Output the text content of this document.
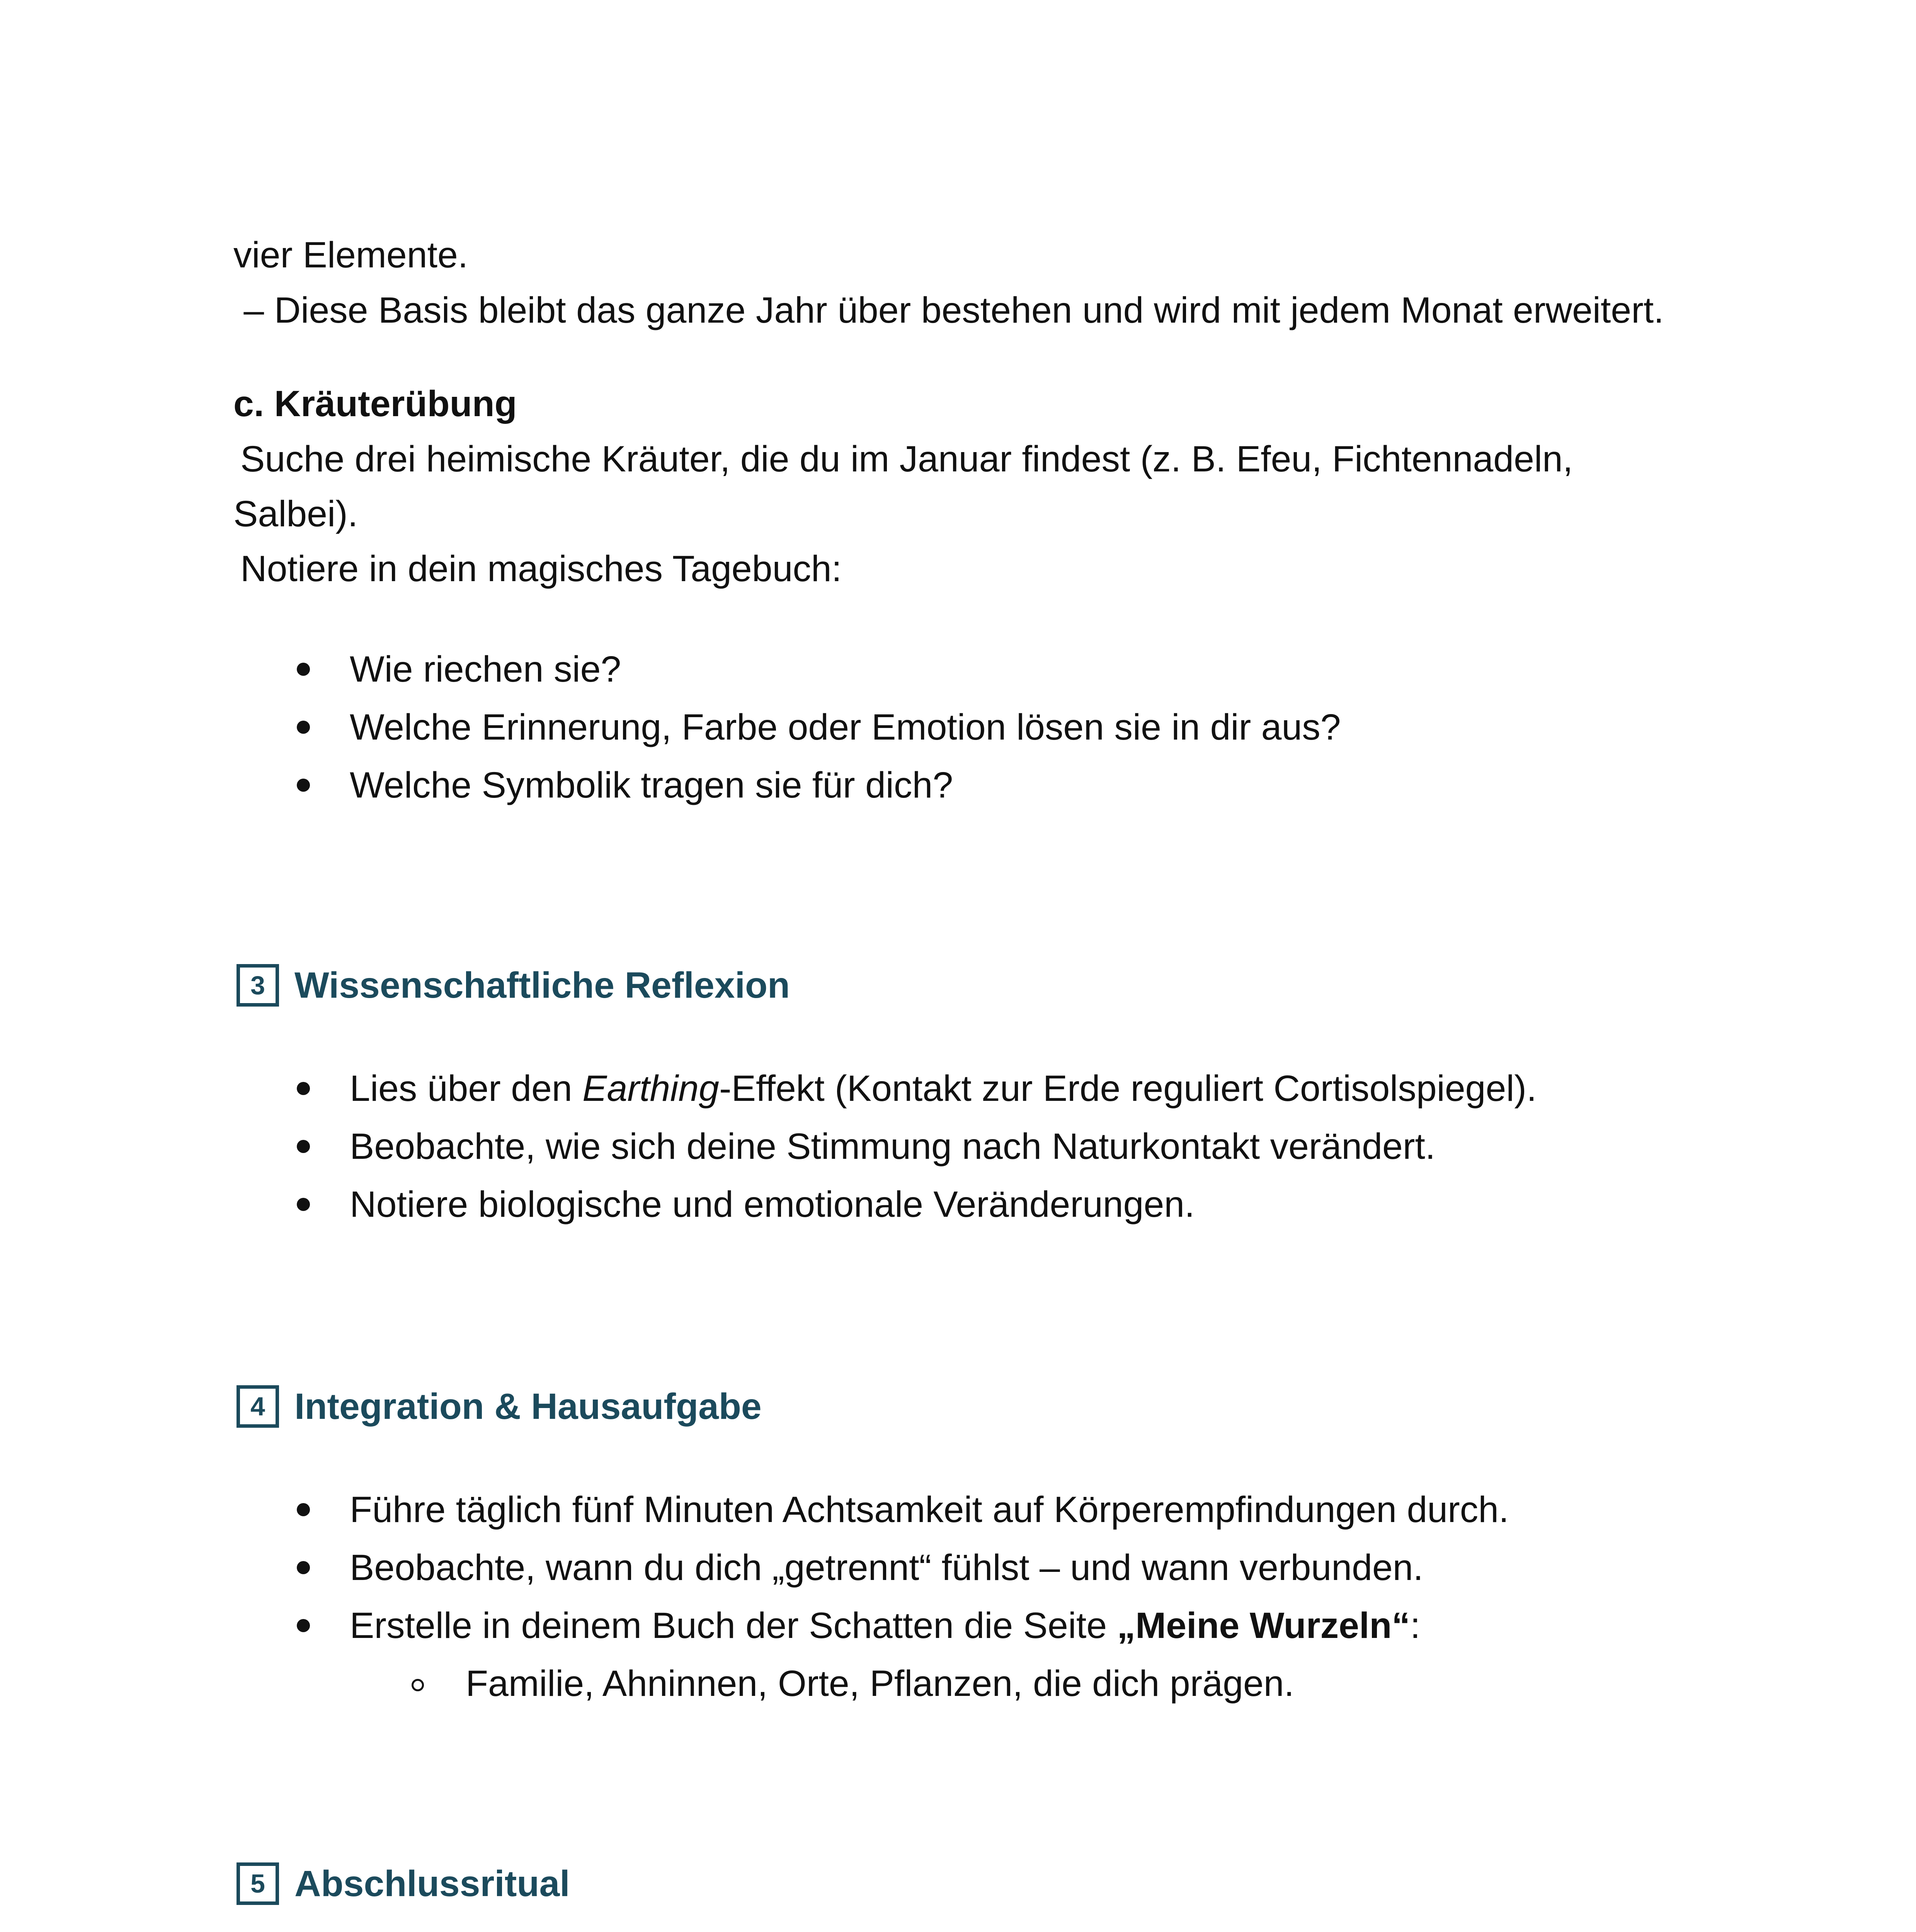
vier Elemente.
– Diese Basis bleibt das ganze Jahr über bestehen und wird mit jedem Monat erweitert.
c. Kräuterübung
Suche drei heimische Kräuter, die du im Januar findest (z. B. Efeu, Fichtennadeln,
Salbei).
Notiere in dein magisches Tagebuch:
Wie riechen sie?
Welche Erinnerung, Farbe oder Emotion lösen sie in dir aus?
Welche Symbolik tragen sie für dich?
3 Wissenschaftliche Reflexion
Lies über den Earthing-Effekt (Kontakt zur Erde reguliert Cortisolspiegel).
Beobachte, wie sich deine Stimmung nach Naturkontakt verändert.
Notiere biologische und emotionale Veränderungen.
4 Integration & Hausaufgabe
Führe täglich fünf Minuten Achtsamkeit auf Körperempfindungen durch.
Beobachte, wann du dich „getrennt“ fühlst – und wann verbunden.
Erstelle in deinem Buch der Schatten die Seite „Meine Wurzeln“:
Familie, Ahninnen, Orte, Pflanzen, die dich prägen.
5 Abschlussritual
